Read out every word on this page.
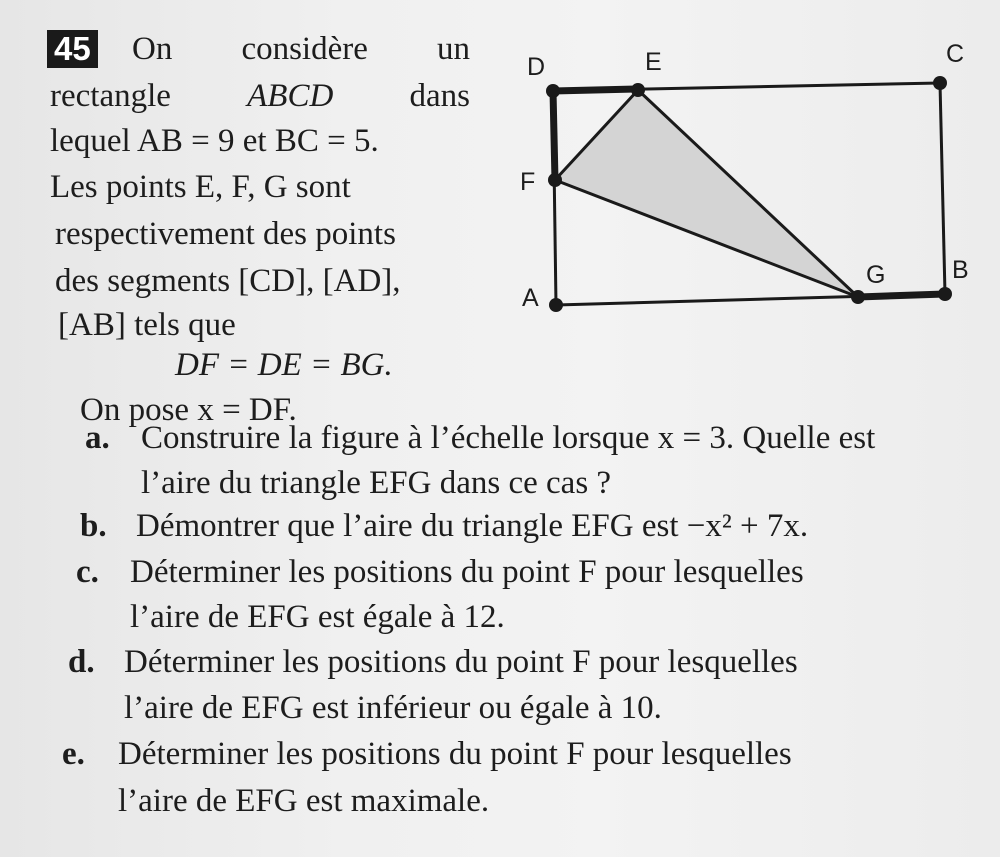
45 On considère un
rectangle ABCD dans
lequel AB = 9 et BC = 5.
Les points E, F, G sont
respectivement des points
des segments [CD], [AD],
[AB] tels que
DF = DE = BG.
On pose x = DF.
a. Construire la figure à l’échelle lorsque x = 3. Quelle est
l’aire du triangle EFG dans ce cas ?
b. Démontrer que l’aire du triangle EFG est −x² + 7x.
c. Déterminer les positions du point F pour lesquelles
l’aire de EFG est égale à 12.
d. Déterminer les positions du point F pour lesquelles
l’aire de EFG est inférieur ou égale à 10.
e. Déterminer les positions du point F pour lesquelles
l’aire de EFG est maximale.
D	E	C
F
G	B
A
